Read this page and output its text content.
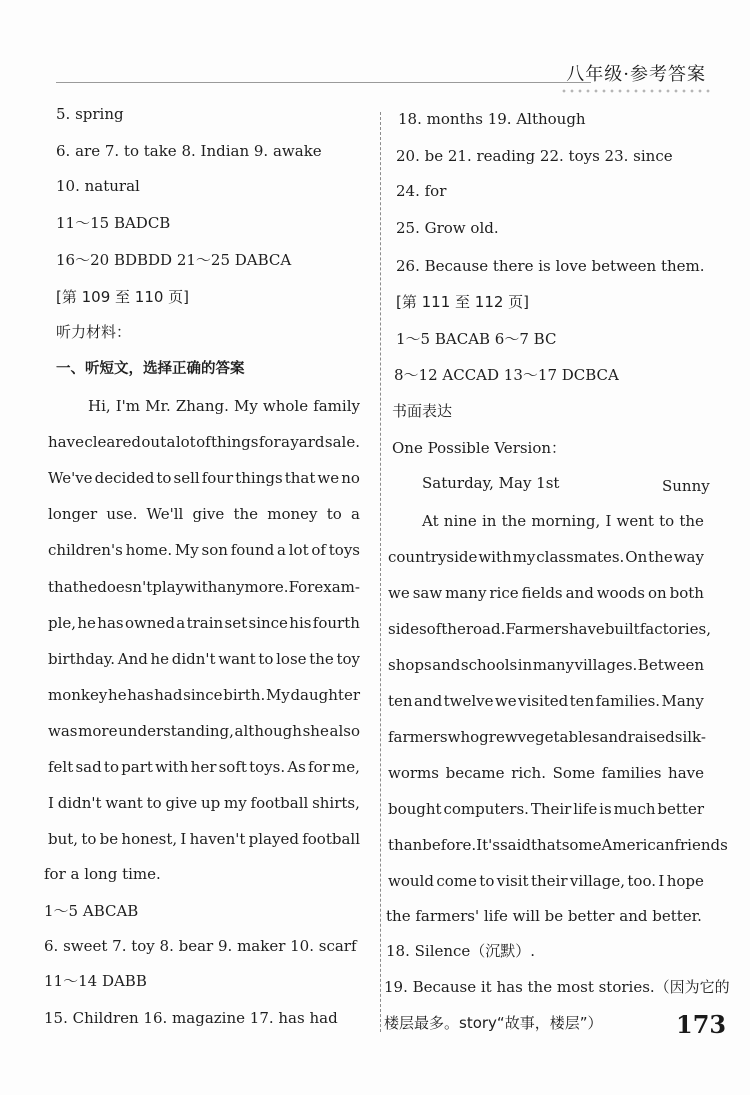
八年级·参考答案
5. spring
6. are 7. to take 8. Indian 9. awake
10. natural
11～15 BADCB
16～20 BDBDD 21～25 DABCA
[第 109 至 110 页]
听力材料：
一、听短文，选择正确的答案
Hi, I'm Mr. Zhang. My whole family
have cleared out a lot of things for a yard sale.
We've decided to sell four things that we no
longer use. We'll give the money to a
children's home. My son found a lot of toys
that he doesn't play with any more. For exam-
ple, he has owned a train set since his fourth
birthday. And he didn't want to lose the toy
monkey he has had since birth. My daughter
was more understanding, although she also
felt sad to part with her soft toys. As for me,
I didn't want to give up my football shirts,
but, to be honest, I haven't played football
for a long time.
1～5 ABCAB
6. sweet 7. toy 8. bear 9. maker 10. scarf
11～14 DABB
15. Children 16. magazine 17. has had
18. months 19. Although
20. be 21. reading 22. toys 23. since
24. for
25. Grow old.
26. Because there is love between them.
[第 111 至 112 页]
1～5 BACAB 6～7 BC
8～12 ACCAD 13～17 DCBCA
书面表达
One Possible Version：
Saturday, May 1st	Sunny
At nine in the morning, I went to the
countryside with my classmates. On the way
we saw many rice fields and woods on both
sides of the road. Farmers have built factories,
shops and schools in many villages. Between
ten and twelve we visited ten families. Many
farmers who grew vegetables and raised silk-
worms became rich. Some families have
bought computers. Their life is much better
than before. It's said that some American friends
would come to visit their village, too. I hope
the farmers' life will be better and better.
18. Silence（沉默）.
19. Because it has the most stories.（因为它的
楼层最多。story“故事，楼层”）	173
